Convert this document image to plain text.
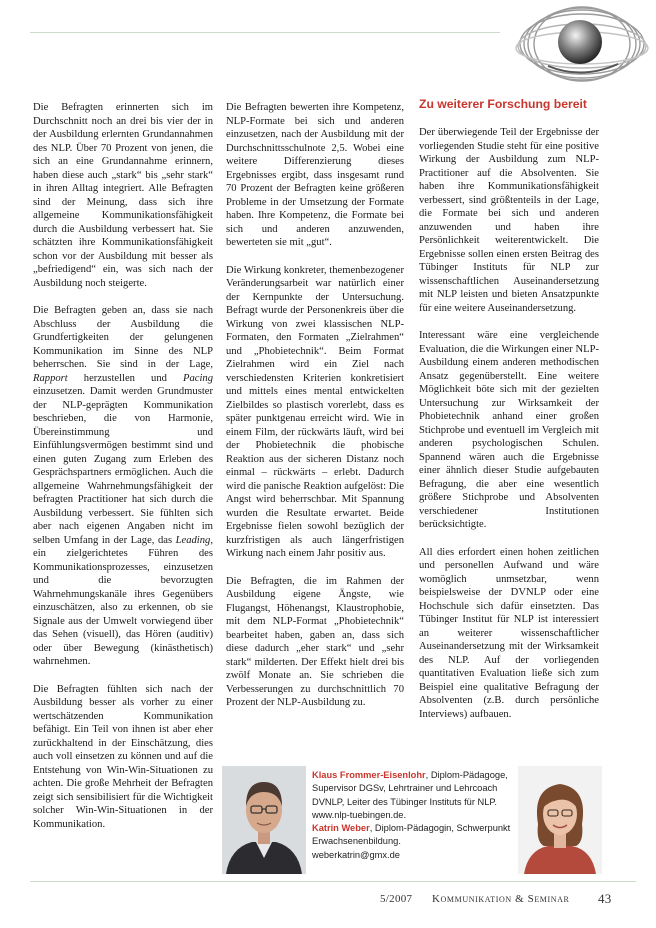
Die Befragten erinnerten sich im Durchschnitt noch an drei bis vier der in der Ausbildung erlernten Grundannahmen des NLP. Über 70 Prozent von jenen, die sich an eine Grundannahme erinnern, haben diese auch „stark“ bis „sehr stark“ in ihren Alltag integriert. Alle Befragten sind der Meinung, dass sich ihre allgemeine Kommunikationsfähigkeit durch die Ausbildung verbessert hat. Sie schätzten ihre Kommunikationsfähigkeit schon vor der Ausbildung mit besser als „befriedigend“ ein, was sich nach der Ausbildung noch steigerte.

Die Befragten geben an, dass sie nach Abschluss der Ausbildung die Grundfertigkeiten der gelungenen Kommunikation im Sinne des NLP beherrschen. Sie sind in der Lage, Rapport herzustellen und Pacing einzusetzen. Damit werden Grundmuster der NLP-geprägten Kommunikation beschrieben, die von Harmonie, Übereinstimmung und Einfühlungsvermögen bestimmt sind und einen guten Zugang zum Erleben des Gesprächspartners ermöglichen. Auch die allgemeine Wahrnehmungsfähigkeit der befragten Practitioner hat sich durch die Ausbildung verbessert. Sie fühlten sich aber nach eigenen Angaben nicht im selben Umfang in der Lage, das Leading, ein zielgerichtetes Führen des Kommunikationsprozesses, einzusetzen und die bevorzugten Wahrnehmungskanäle ihres Gegenübers einzuschätzen, also zu erkennen, ob sie Signale aus der Umwelt vorwiegend über das Sehen (visuell), das Hören (auditiv) oder über Bewegung (kinästhetisch) wahrnehmen.

Die Befragten fühlten sich nach der Ausbildung besser als vorher zu einer wertschätzenden Kommunikation befähigt. Ein Teil von ihnen ist aber eher zurückhaltend in der Einschätzung, dies auch voll einsetzen zu können und auf die Entstehung von Win-Win-Situationen zu achten. Die große Mehrheit der Befragten zeigt sich sensibilisiert für die Wichtigkeit solcher Win-Win-Situationen in der Kommunikation.

Die Befragten bewerten ihre Kompetenz, NLP-Formate bei sich und anderen einzusetzen, nach der Ausbildung mit der Durchschnittsschulnote 2,5. Wobei eine weitere Differenzierung dieses Ergebnisses ergibt, dass insgesamt rund 70 Prozent der Befragten keine größeren Probleme in der Umsetzung der Formate haben. Ihre Kompetenz, die Formate bei sich und anderen anzuwenden, bewerteten sie mit „gut“.

Die Wirkung konkreter, themenbezogener Veränderungsarbeit war natürlich einer der Kernpunkte der Untersuchung. Befragt wurde der Personenkreis über die Wirkung von zwei klassischen NLP-Formaten, den Formaten „Zielrahmen“ und „Phobietechnik“. Beim Format Zielrahmen wird ein Ziel nach verschiedensten Kriterien konkretisiert und mittels eines mental entwickelten Zielbildes so plastisch vorerlebt, dass es später punktgenau erreicht wird. Wie in einem Film, der rückwärts läuft, wird bei der Phobietechnik die phobische Reaktion aus der sicheren Distanz noch einmal – rückwärts – erlebt. Dadurch wird die panische Reaktion aufgelöst: Die Angst wird beherrschbar. Mit Spannung wurden die Resultate erwartet. Beide Ergebnisse fielen sowohl bezüglich der kurzfristigen als auch längerfristigen Wirkung nach einem Jahr positiv aus.

Die Befragten, die im Rahmen der Ausbildung eigene Ängste, wie Flugangst, Höhenangst, Klaustrophobie, mit dem NLP-Format „Phobietechnik“ bearbeitet haben, gaben an, dass sich diese dadurch „eher stark“ und „sehr stark“ milderten. Der Effekt hielt drei bis zwölf Monate an. Sie schrieben die Verbesserungen zu durchschnittlich 70 Prozent der NLP-Ausbildung zu.

Zu weiterer Forschung bereit

Der überwiegende Teil der Ergebnisse der vorliegenden Studie steht für eine positive Wirkung der Ausbildung zum NLP-Practitioner auf die Absolventen. Sie haben ihre Kommunikationsfähigkeit verbessert, sind größtenteils in der Lage, die Formate bei sich und anderen anzuwenden und haben ihre Persönlichkeit weiterentwickelt. Die Ergebnisse sollen einen ersten Beitrag des Tübinger Instituts für NLP zur wissenschaftlichen Auseinandersetzung mit NLP leisten und bieten Ansatzpunkte für eine weitere Auseinandersetzung.

Interessant wäre eine vergleichende Evaluation, die die Wirkungen einer NLP-Ausbildung einem anderen methodischen Ansatz gegenüberstellt. Eine weitere Möglichkeit böte sich mit der gezielten Untersuchung zur Wirksamkeit der Phobietechnik anhand einer großen Stichprobe und eventuell im Vergleich mit anderen psychologischen Schulen. Spannend wären auch die Ergebnisse einer ähnlich dieser Studie aufgebauten Befragung, die aber eine wesentlich größere Stichprobe und Absolventen verschiedener Institutionen berücksichtigte.

All dies erfordert einen hohen zeitlichen und personellen Aufwand und wäre womöglich unmsetzbar, wenn beispielsweise der DVNLP oder eine Hochschule sich dafür einsetzten. Das Tübinger Institut für NLP ist interessiert an weiterer wissenschaftlicher Auseinandersetzung mit der Wirksamkeit des NLP. Auf der vorliegenden quantitativen Evaluation ließe sich zum Beispiel eine qualitative Befragung der Absolventen (z.B. durch persönliche Interviews) aufbauen.

Klaus Frommer-Eisenlohr, Diplom-Pädagoge, Supervisor DGSv, Lehrtrainer und Lehrcoach DVNLP, Leiter des Tübinger Instituts für NLP. www.nlp-tuebingen.de.
Katrin Weber, Diplom-Pädagogin, Schwerpunkt Erwachsenenbildung.
weberkatrin@gmx.de
5/2007 Kommunikation & Seminar 43
